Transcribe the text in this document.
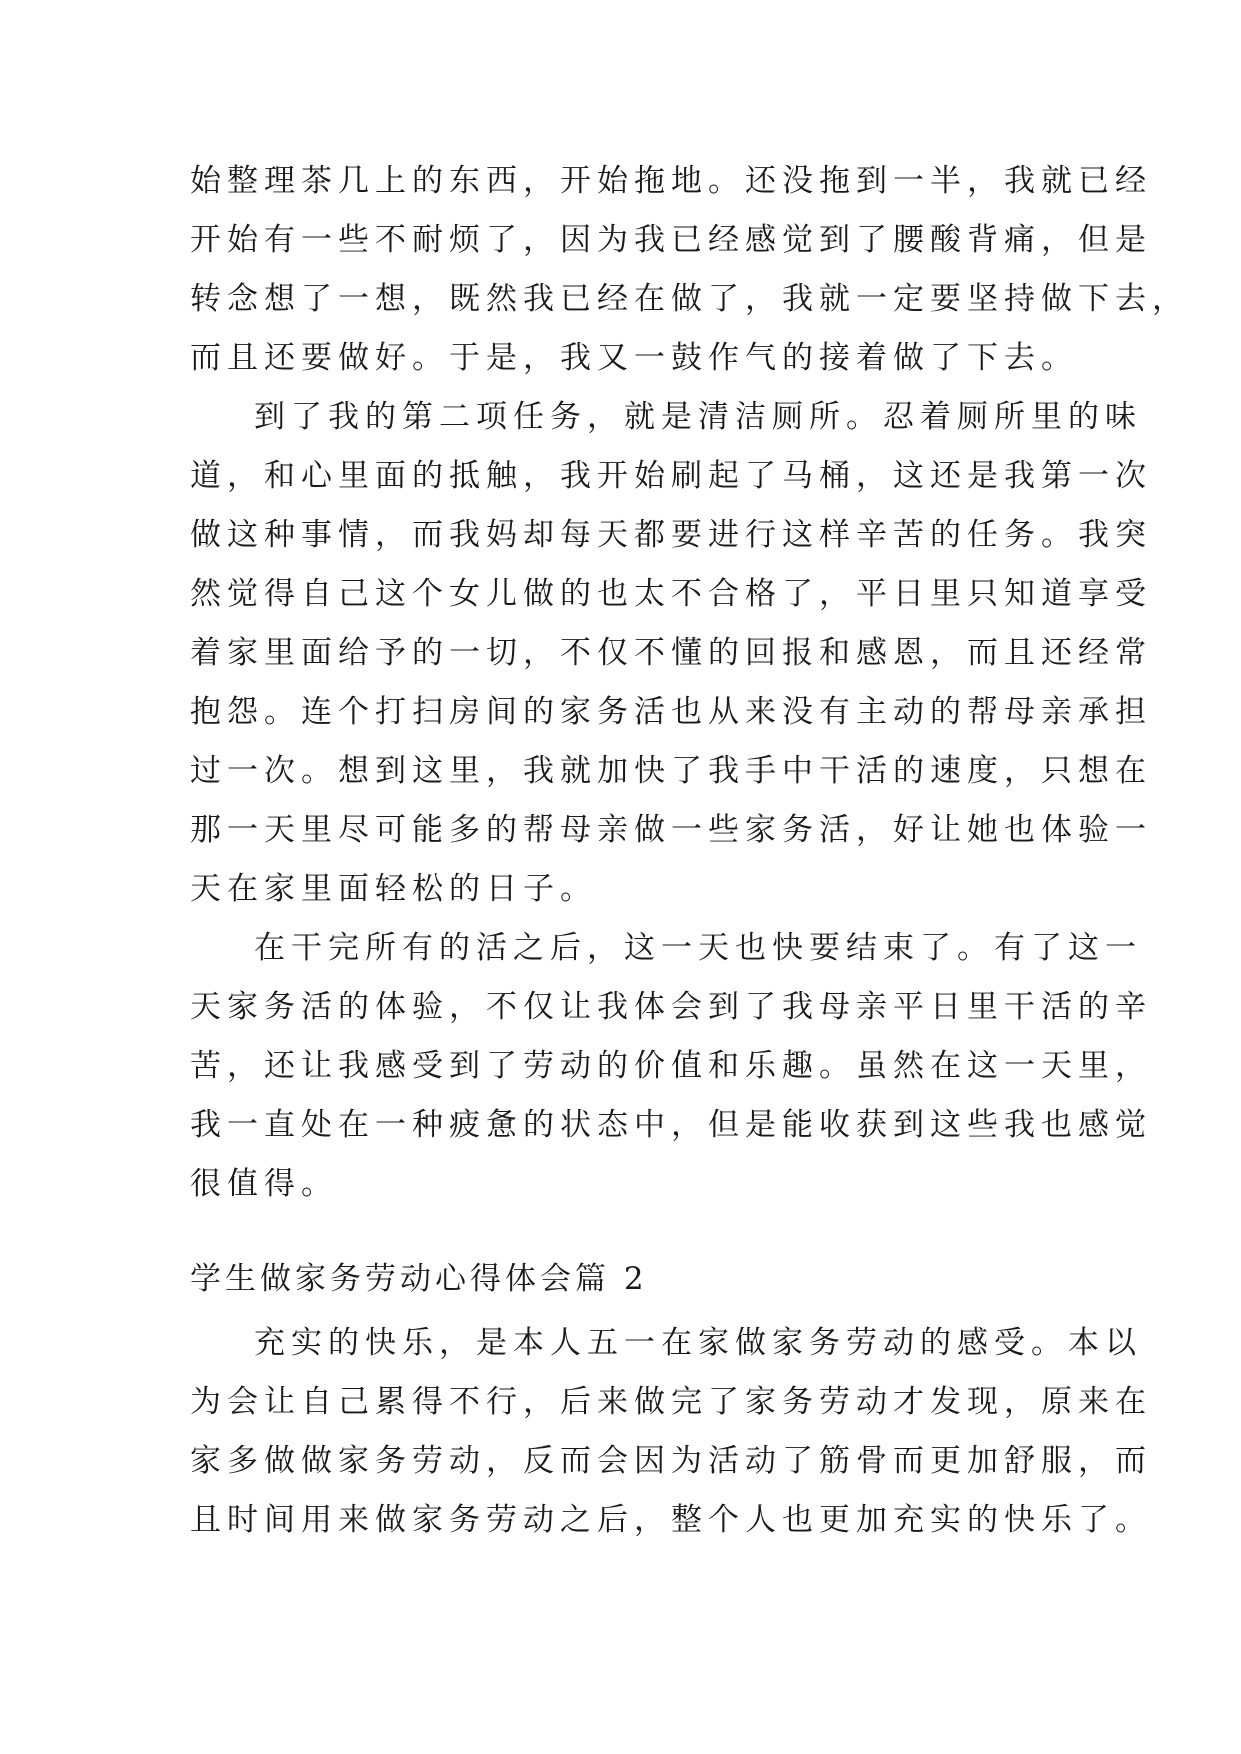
始整理茶几上的东西，开始拖地。还没拖到一半，我就已经
开始有一些不耐烦了，因为我已经感觉到了腰酸背痛，但是
转念想了一想，既然我已经在做了，我就一定要坚持做下去，
而且还要做好。于是，我又一鼓作气的接着做了下去。
到了我的第二项任务，就是清洁厕所。忍着厕所里的味
道，和心里面的抵触，我开始刷起了马桶，这还是我第一次
做这种事情，而我妈却每天都要进行这样辛苦的任务。我突
然觉得自己这个女儿做的也太不合格了，平日里只知道享受
着家里面给予的一切，不仅不懂的回报和感恩，而且还经常
抱怨。连个打扫房间的家务活也从来没有主动的帮母亲承担
过一次。想到这里，我就加快了我手中干活的速度，只想在
那一天里尽可能多的帮母亲做一些家务活，好让她也体验一
天在家里面轻松的日子。
在干完所有的活之后，这一天也快要结束了。有了这一
天家务活的体验，不仅让我体会到了我母亲平日里干活的辛
苦，还让我感受到了劳动的价值和乐趣。虽然在这一天里，
我一直处在一种疲惫的状态中，但是能收获到这些我也感觉
很值得。
学生做家务劳动心得体会篇 2
充实的快乐，是本人五一在家做家务劳动的感受。本以
为会让自己累得不行，后来做完了家务劳动才发现，原来在
家多做做家务劳动，反而会因为活动了筋骨而更加舒服，而
且时间用来做家务劳动之后，整个人也更加充实的快乐了。
